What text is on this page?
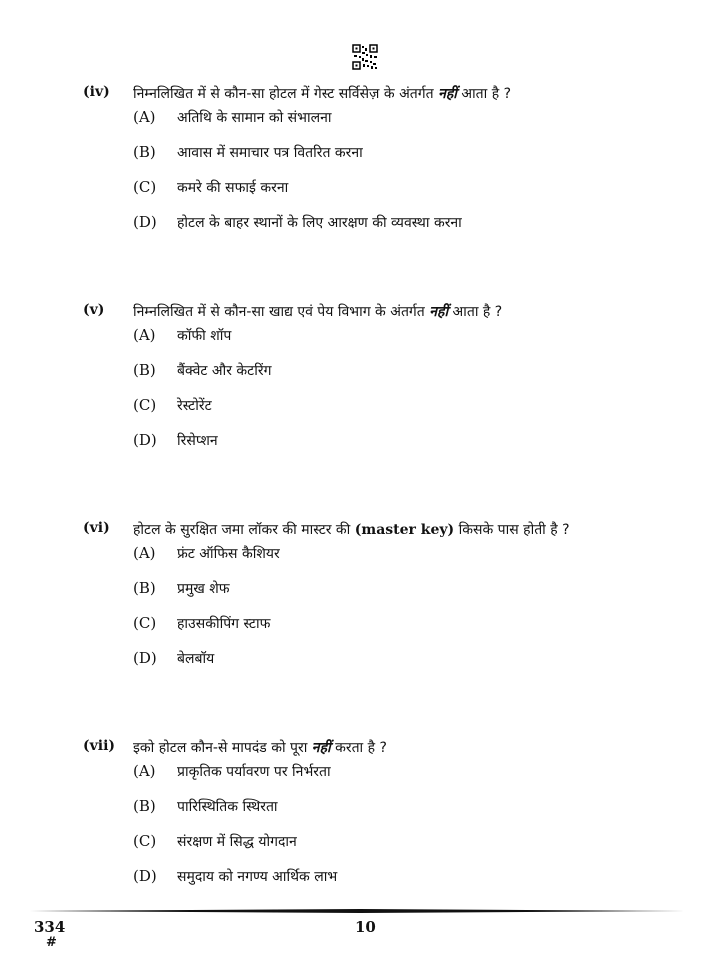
(iv) निम्नलिखित में से कौन-सा होटल में गेस्ट सर्विसेज़ के अंतर्गत नहीं आता है ?
(A) अतिथि के सामान को संभालना
(B) आवास में समाचार पत्र वितरित करना
(C) कमरे की सफाई करना
(D) होटल के बाहर स्थानों के लिए आरक्षण की व्यवस्था करना
(v) निम्नलिखित में से कौन-सा खाद्य एवं पेय विभाग के अंतर्गत नहीं आता है ?
(A) कॉफी शॉप
(B) बैंक्वेट और केटरिंग
(C) रेस्टोरेंट
(D) रिसेप्शन
(vi) होटल के सुरक्षित जमा लॉकर की मास्टर की (master key) किसके पास होती है ?
(A) फ्रंट ऑफिस कैशियर
(B) प्रमुख शेफ
(C) हाउसकीपिंग स्टाफ
(D) बेलबॉय
(vii) इको होटल कौन-से मापदंड को पूरा नहीं करता है ?
(A) प्राकृतिक पर्यावरण पर निर्भरता
(B) पारिस्थितिक स्थिरता
(C) संरक्षण में सिद्ध योगदान
(D) समुदाय को नगण्य आर्थिक लाभ
334
#
10
